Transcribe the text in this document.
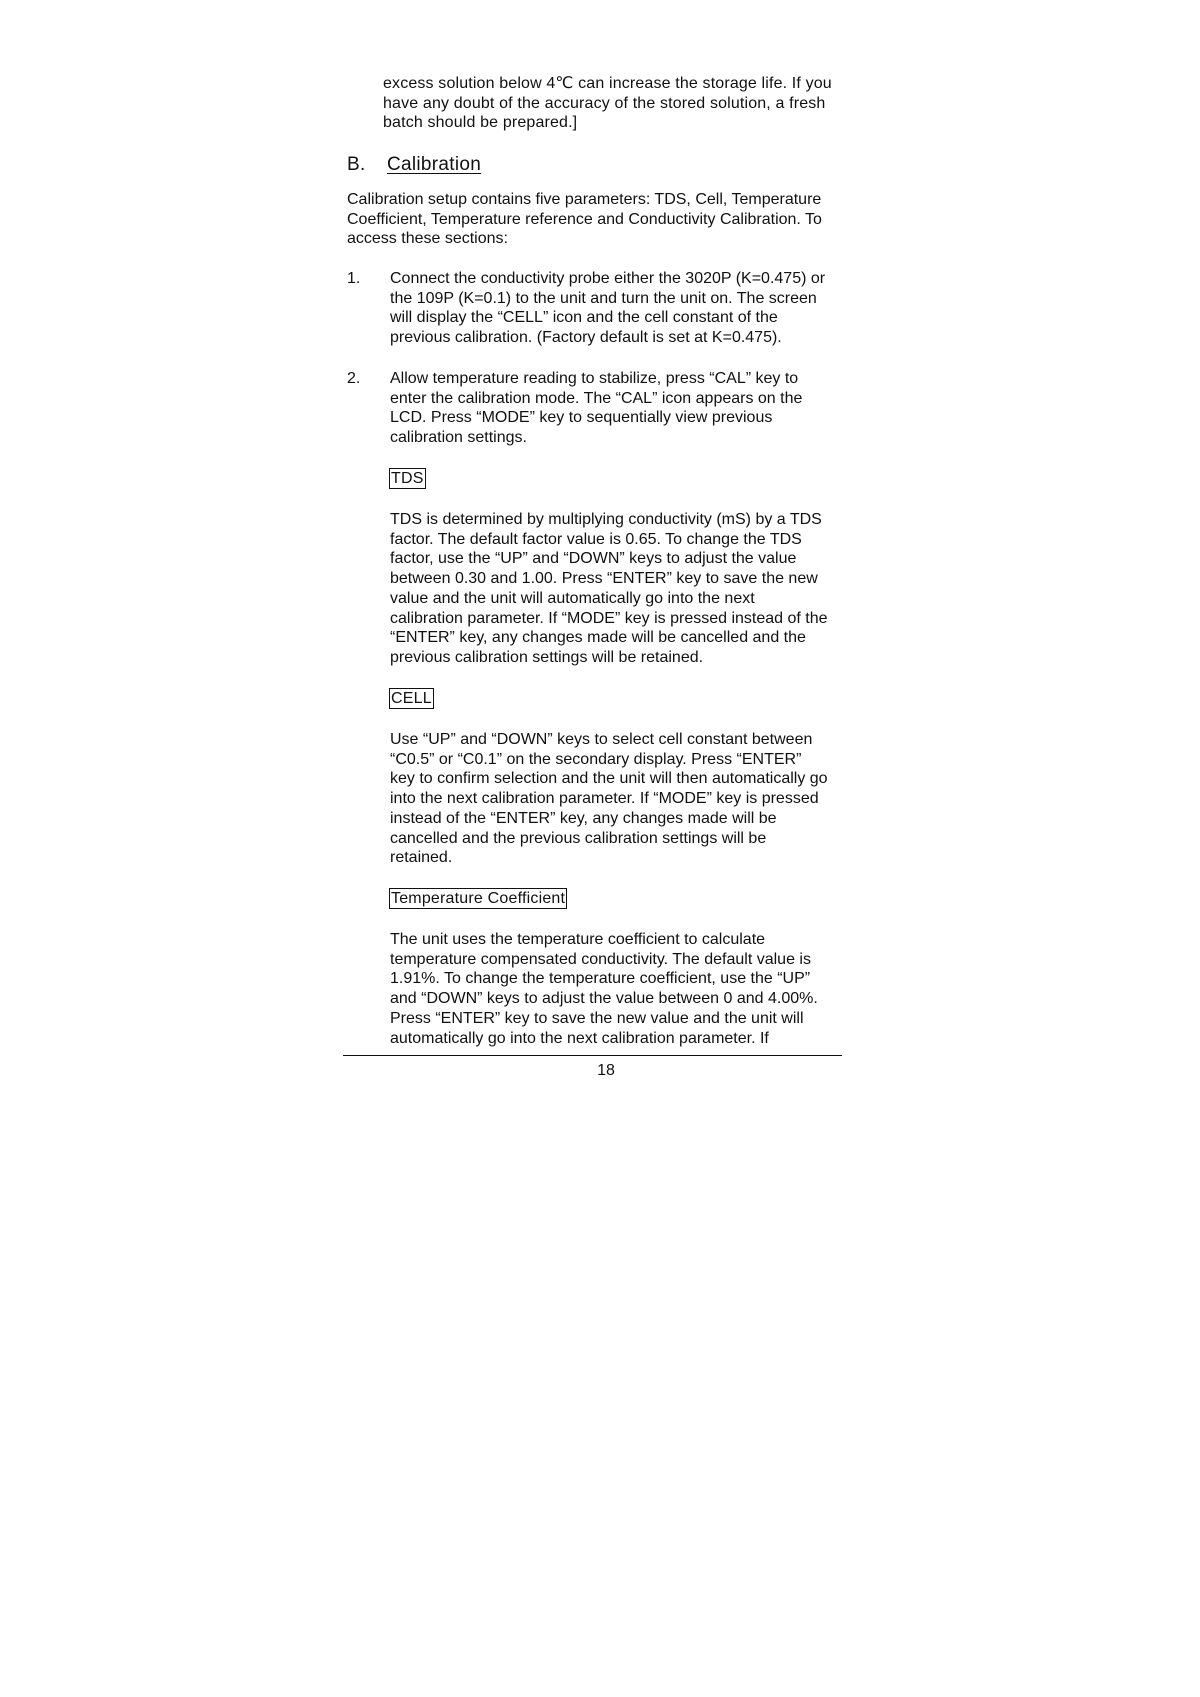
excess solution below 4℃ can increase the storage life. If you
have any doubt of the accuracy of the stored solution, a fresh
batch should be prepared.]
B. Calibration
Calibration setup contains five parameters: TDS, Cell, Temperature
Coefficient, Temperature reference and Conductivity Calibration. To
access these sections:
1. Connect the conductivity probe either the 3020P (K=0.475) or
the 109P (K=0.1) to the unit and turn the unit on. The screen
will display the “CELL” icon and the cell constant of the
previous calibration. (Factory default is set at K=0.475).
2. Allow temperature reading to stabilize, press “CAL” key to
enter the calibration mode. The “CAL” icon appears on the
LCD. Press “MODE” key to sequentially view previous
calibration settings.
TDS
TDS is determined by multiplying conductivity (mS) by a TDS
factor. The default factor value is 0.65. To change the TDS
factor, use the “UP” and “DOWN” keys to adjust the value
between 0.30 and 1.00. Press “ENTER” key to save the new
value and the unit will automatically go into the next
calibration parameter. If “MODE” key is pressed instead of the
“ENTER” key, any changes made will be cancelled and the
previous calibration settings will be retained.
CELL
Use “UP” and “DOWN” keys to select cell constant between
“C0.5” or “C0.1” on the secondary display. Press “ENTER”
key to confirm selection and the unit will then automatically go
into the next calibration parameter. If “MODE” key is pressed
instead of the “ENTER” key, any changes made will be
cancelled and the previous calibration settings will be
retained.
Temperature Coefficient
The unit uses the temperature coefficient to calculate
temperature compensated conductivity. The default value is
1.91%. To change the temperature coefficient, use the “UP”
and “DOWN” keys to adjust the value between 0 and 4.00%.
Press “ENTER” key to save the new value and the unit will
automatically go into the next calibration parameter. If
18
